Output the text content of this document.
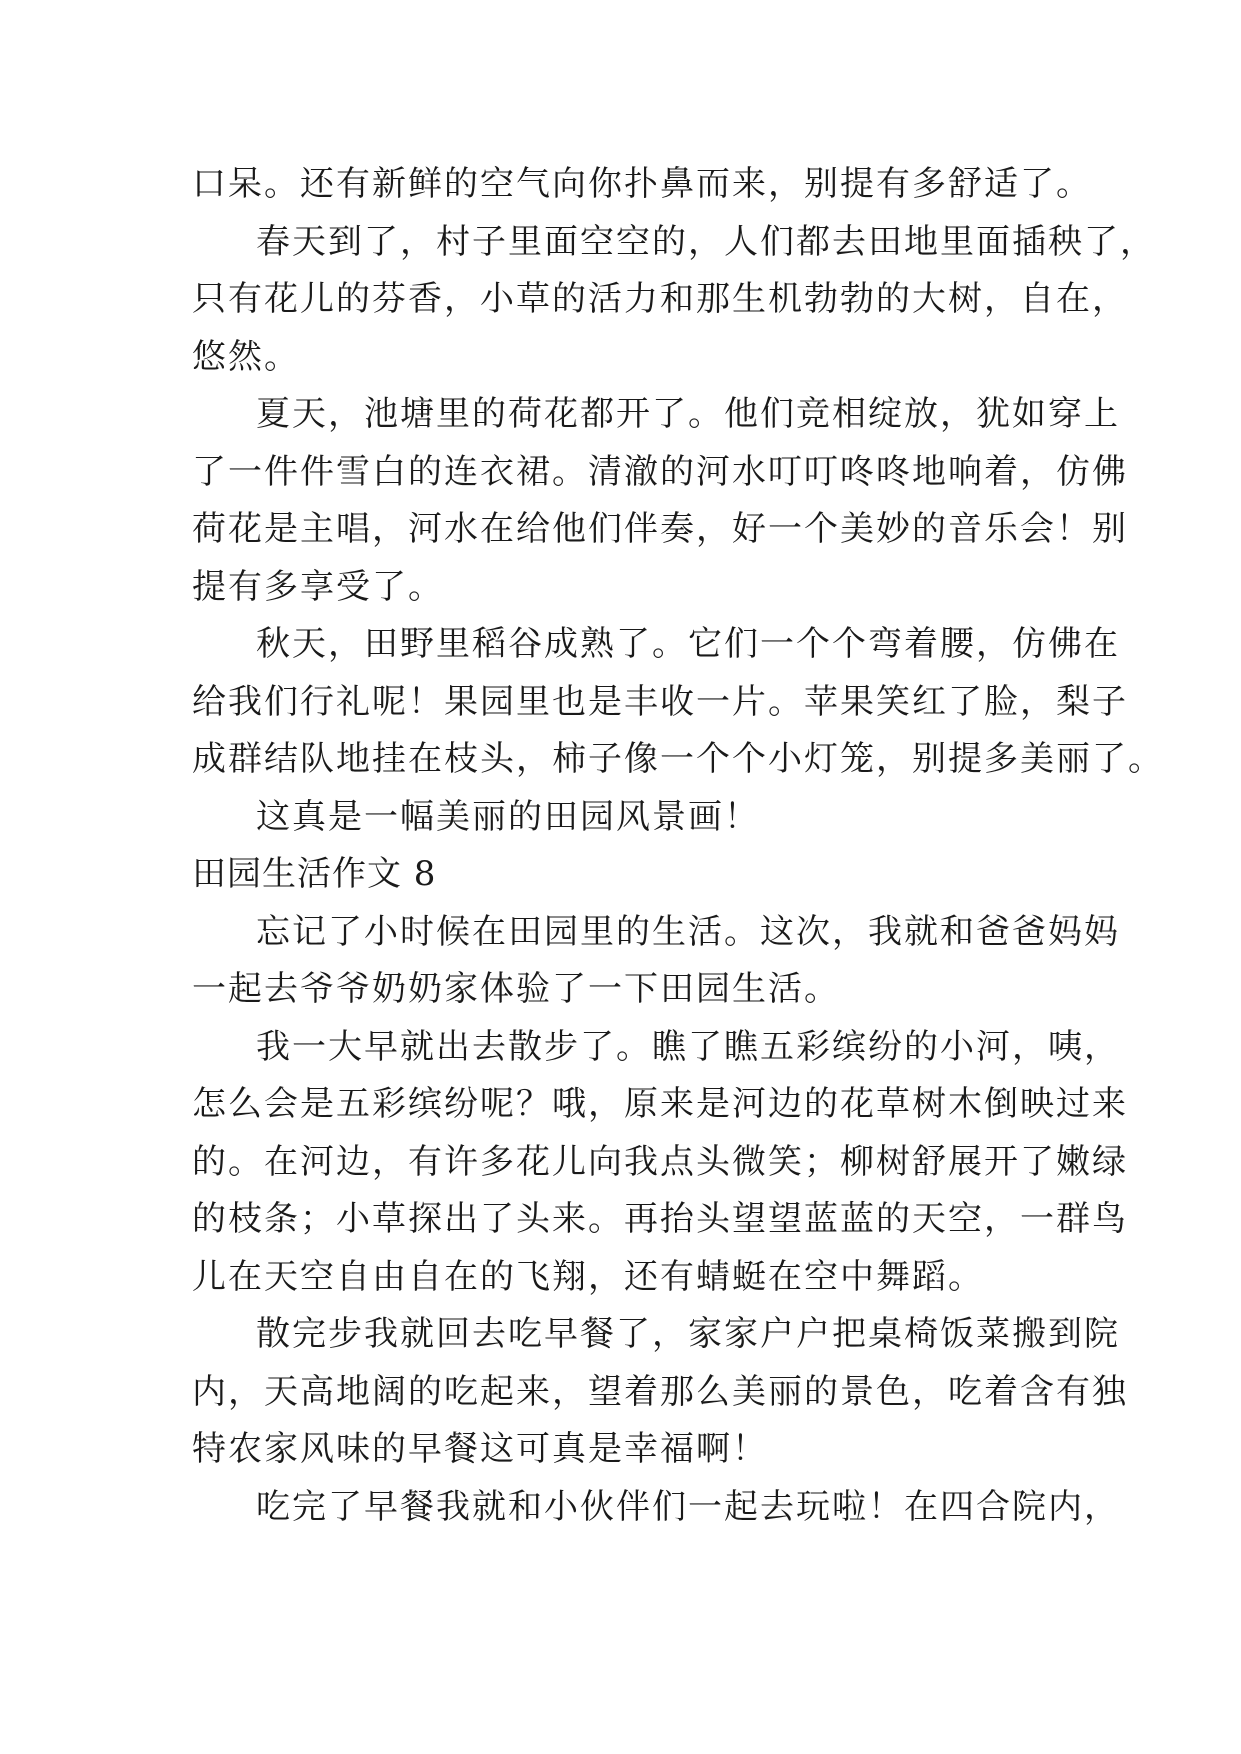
口呆。还有新鲜的空气向你扑鼻而来，别提有多舒适了。
春天到了，村子里面空空的，人们都去田地里面插秧了，
只有花儿的芬香，小草的活力和那生机勃勃的大树，自在，
悠然。
夏天，池塘里的荷花都开了。他们竞相绽放，犹如穿上
了一件件雪白的连衣裙。清澈的河水叮叮咚咚地响着，仿佛
荷花是主唱，河水在给他们伴奏，好一个美妙的音乐会！别
提有多享受了。
秋天，田野里稻谷成熟了。它们一个个弯着腰，仿佛在
给我们行礼呢！果园里也是丰收一片。苹果笑红了脸，梨子
成群结队地挂在枝头，柿子像一个个小灯笼，别提多美丽了。
这真是一幅美丽的田园风景画！
田园生活作文 8
忘记了小时候在田园里的生活。这次，我就和爸爸妈妈
一起去爷爷奶奶家体验了一下田园生活。
我一大早就出去散步了。瞧了瞧五彩缤纷的小河，咦，
怎么会是五彩缤纷呢？哦，原来是河边的花草树木倒映过来
的。在河边，有许多花儿向我点头微笑；柳树舒展开了嫩绿
的枝条；小草探出了头来。再抬头望望蓝蓝的天空，一群鸟
儿在天空自由自在的飞翔，还有蜻蜓在空中舞蹈。
散完步我就回去吃早餐了，家家户户把桌椅饭菜搬到院
内，天高地阔的吃起来，望着那么美丽的景色，吃着含有独
特农家风味的早餐这可真是幸福啊！
吃完了早餐我就和小伙伴们一起去玩啦！在四合院内，
